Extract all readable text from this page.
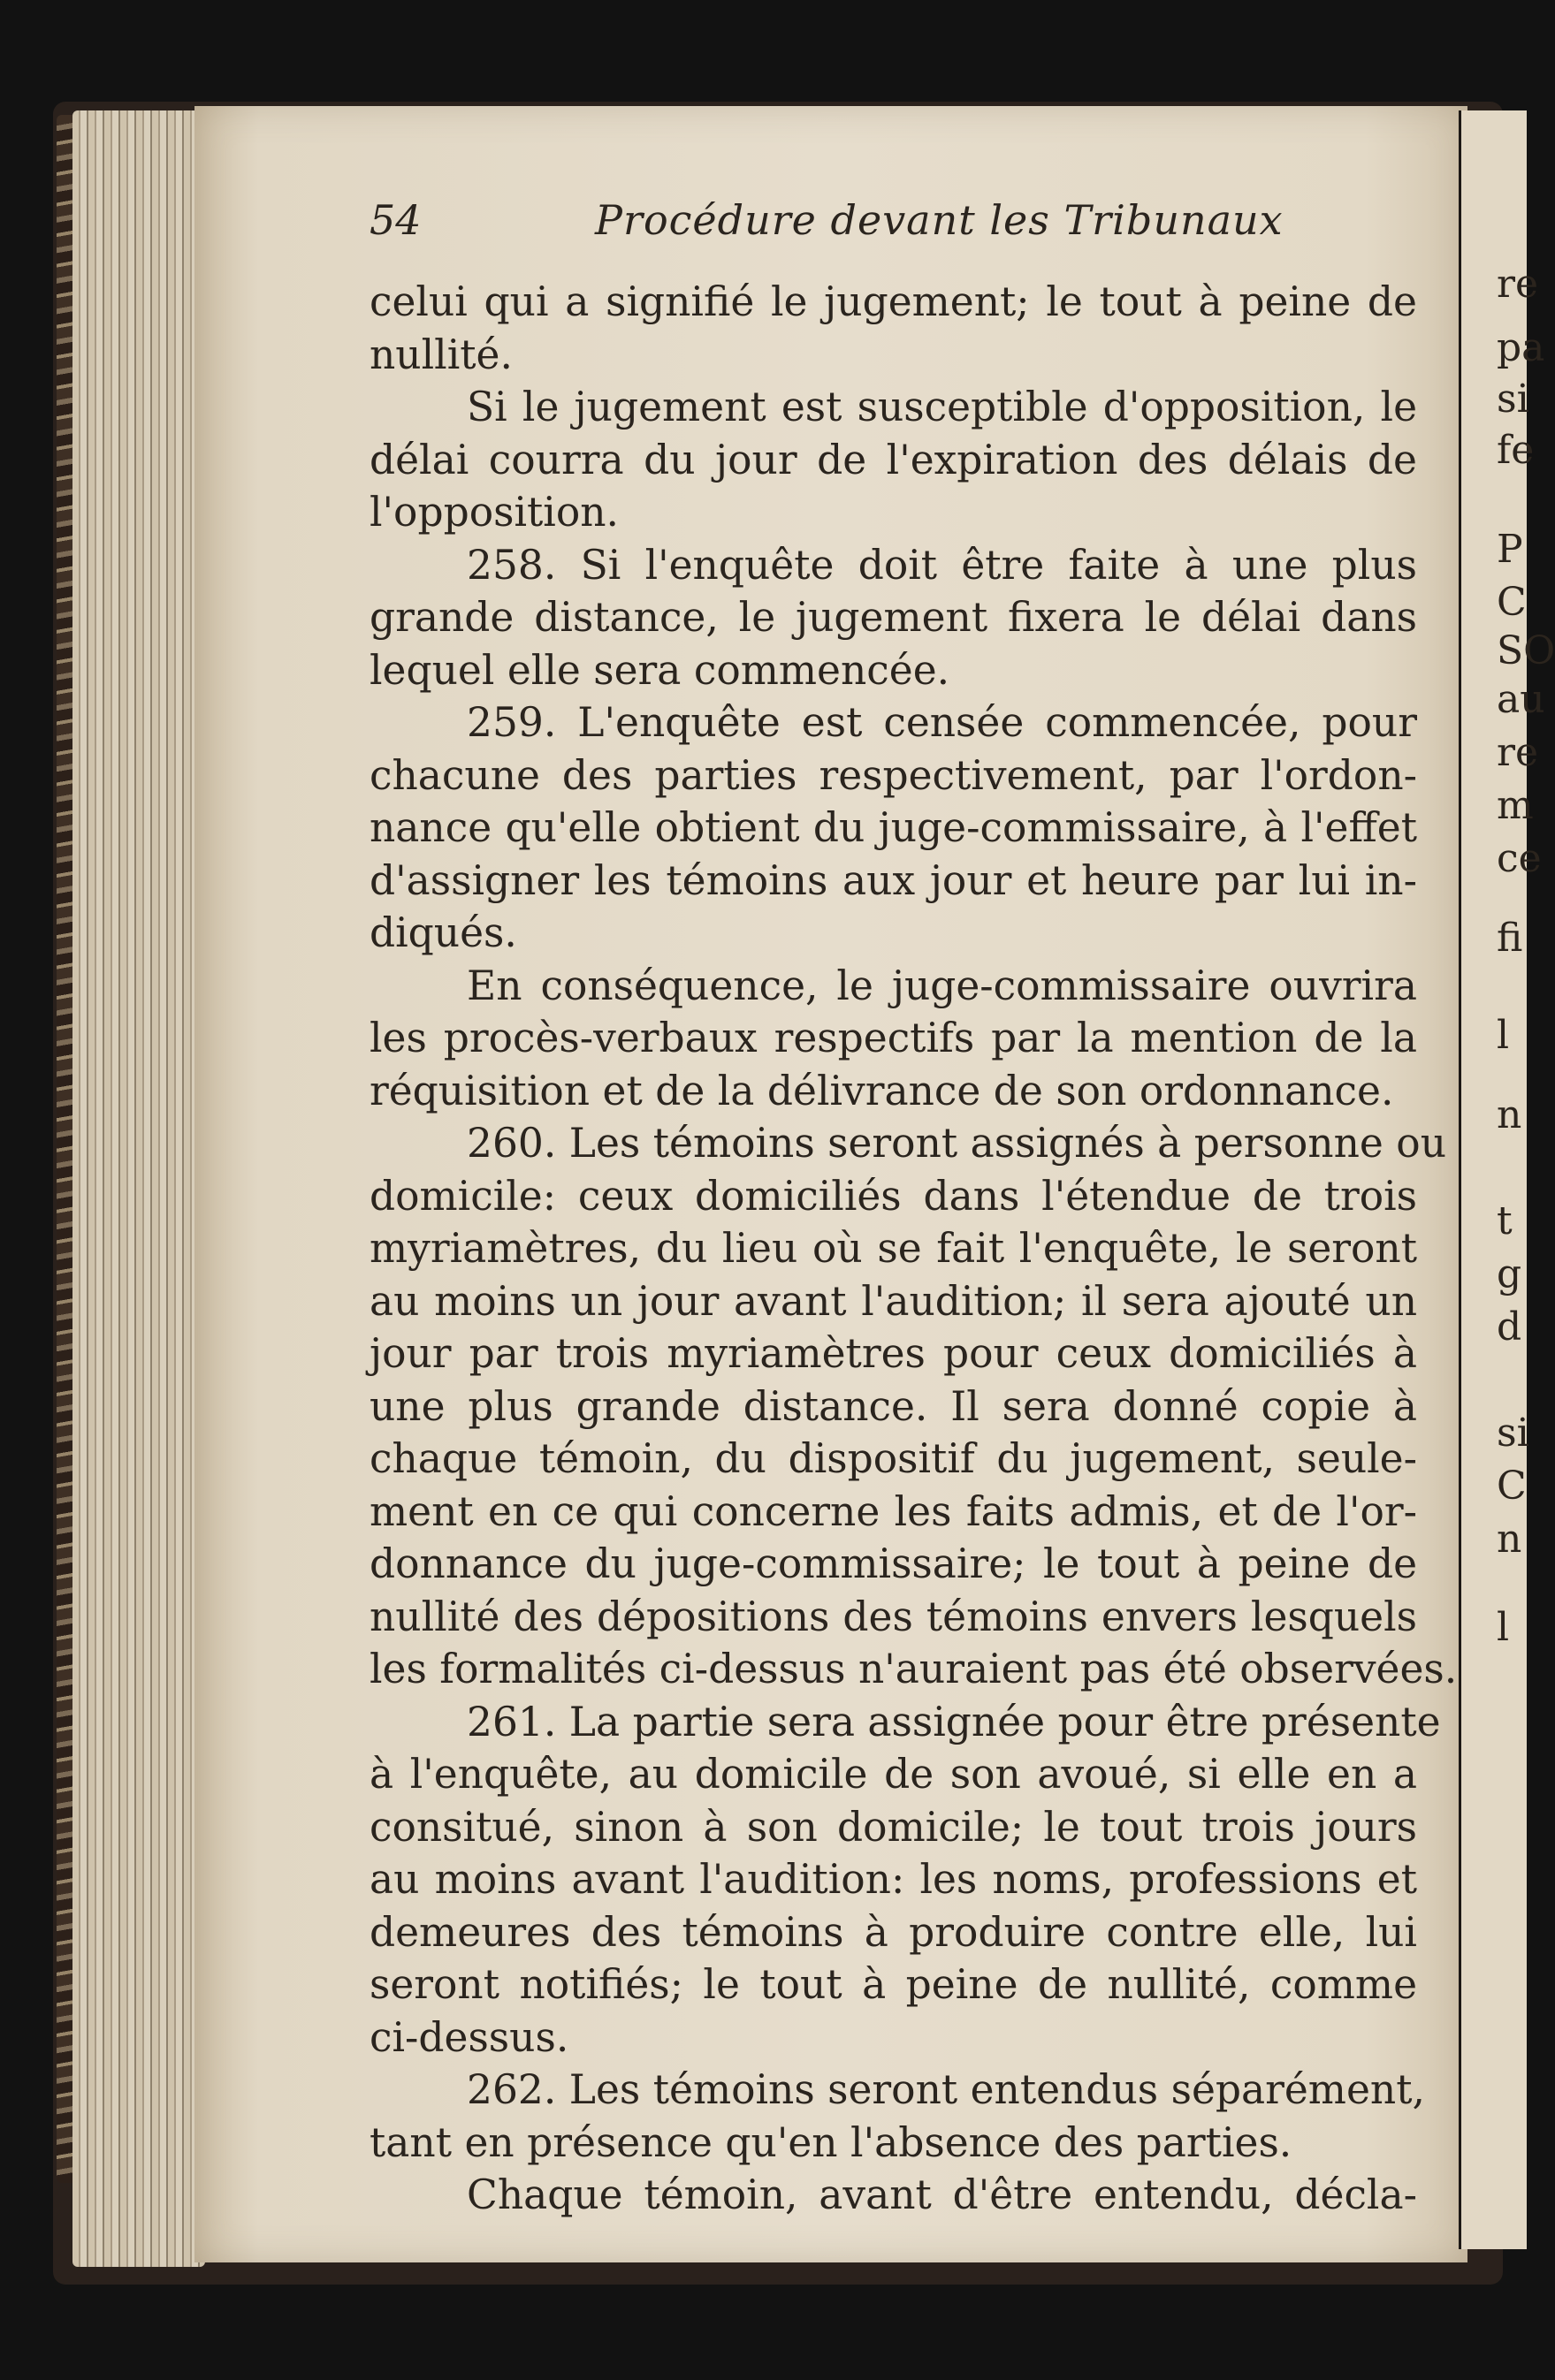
re
pa
si
fe
P
C
SO
au
re
m
ce
fi
l
n
t
g
d
si
C
n
l
54	Procédure devant les Tribunaux
celui qui a signifié le jugement; le tout à peine de
nullité.
Si le jugement est susceptible d'opposition, le
délai courra du jour de l'expiration des délais de
l'opposition.
258. Si l'enquête doit être faite à une plus
grande distance, le jugement fixera le délai dans
lequel elle sera commencée.
259. L'enquête est censée commencée, pour
chacune des parties respectivement, par l'ordon-
nance qu'elle obtient du juge-commissaire, à l'effet
d'assigner les témoins aux jour et heure par lui in-
diqués.
En conséquence, le juge-commissaire ouvrira
les procès-verbaux respectifs par la mention de la
réquisition et de la délivrance de son ordonnance.
260. Les témoins seront assignés à personne ou
domicile: ceux domiciliés dans l'étendue de trois
myriamètres, du lieu où se fait l'enquête, le seront
au moins un jour avant l'audition; il sera ajouté un
jour par trois myriamètres pour ceux domiciliés à
une plus grande distance. Il sera donné copie à
chaque témoin, du dispositif du jugement, seule-
ment en ce qui concerne les faits admis, et de l'or-
donnance du juge-commissaire; le tout à peine de
nullité des dépositions des témoins envers lesquels
les formalités ci-dessus n'auraient pas été observées.
261. La partie sera assignée pour être présente
à l'enquête, au domicile de son avoué, si elle en a
consitué, sinon à son domicile; le tout trois jours
au moins avant l'audition: les noms, professions et
demeures des témoins à produire contre elle, lui
seront notifiés; le tout à peine de nullité, comme
ci-dessus.
262. Les témoins seront entendus séparément,
tant en présence qu'en l'absence des parties.
Chaque témoin, avant d'être entendu, décla-
